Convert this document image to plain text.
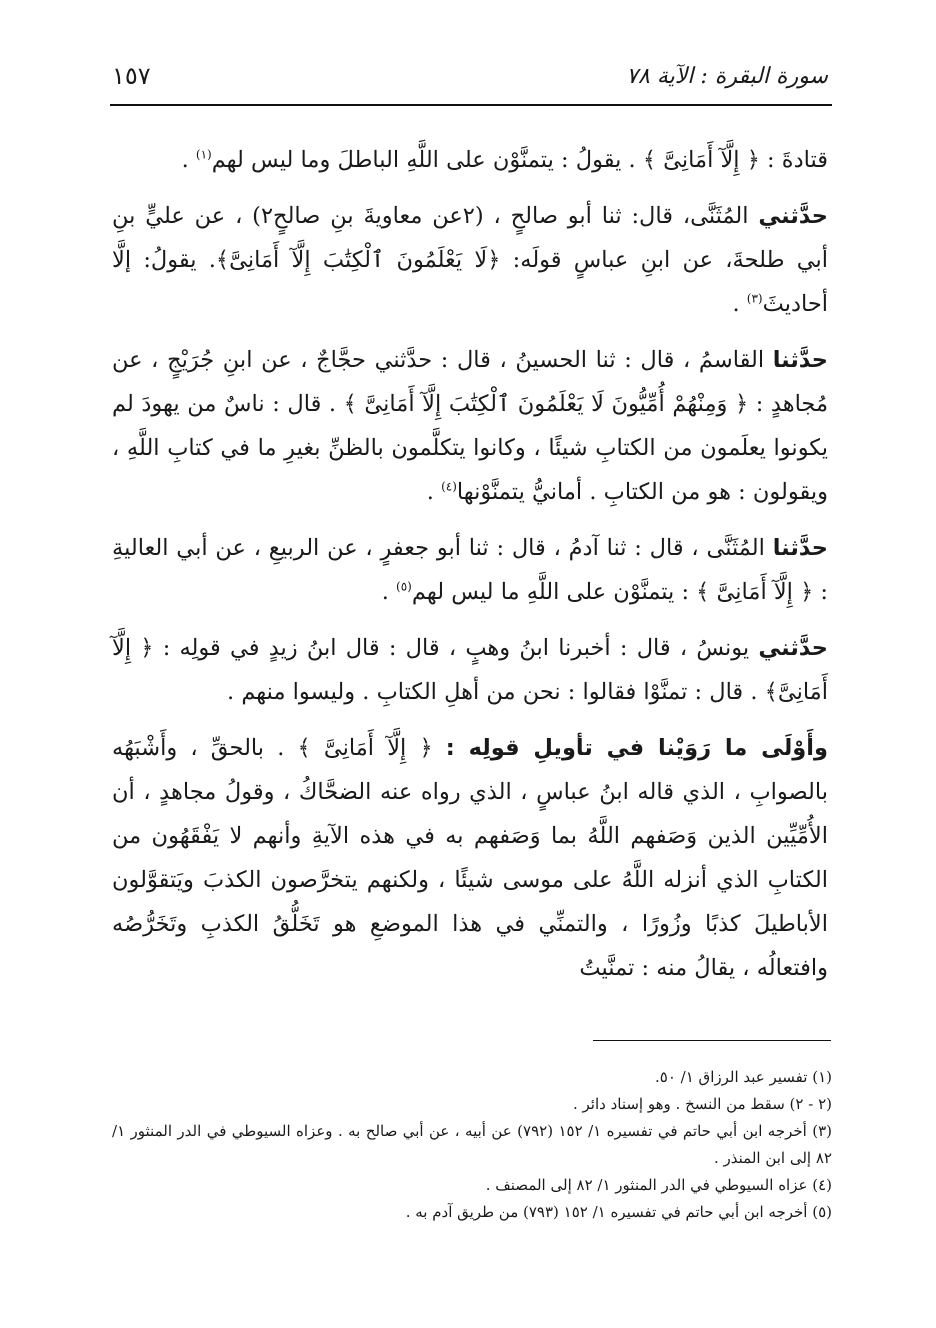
سورة البقرة : الآية ٧٨
١٥٧

قتادةَ : ﴿ إِلَّآ أَمَانِىَّ ﴾ . يقولُ : يتمنَّوْن على اللَّهِ الباطلَ وما ليس لهم$^{(١)}$ .

حدَّثني المُثَنَّى، قال: ثنا أبو صالحٍ ، (٢عن معاويةَ بنِ صالحٍ٢) ، عن عليٍّ بنِ أبي طلحةَ، عن ابنِ عباسٍ قولَه: ﴿لَا يَعْلَمُونَ ٱلْكِتَٰبَ إِلَّآ أَمَانِىَّ﴾. يقولُ: إلَّا أحاديثَ$^{(٣)}$ .

حدَّثنا القاسمُ ، قال : ثنا الحسينُ ، قال : حدَّثني حجَّاجٌ ، عن ابنِ جُرَيْجٍ ، عن مُجاهدٍ : ﴿ وَمِنْهُمْ أُمِّيُّونَ لَا يَعْلَمُونَ ٱلْكِتَٰبَ إِلَّآ أَمَانِىَّ ﴾ . قال : ناسٌ من يهودَ لم يكونوا يعلَمون من الكتابِ شيئًا ، وكانوا يتكلَّمون بالظنِّ بغيرِ ما في كتابِ اللَّهِ ، ويقولون : هو من الكتابِ . أمانيُّ يتمنَّوْنها$^{(٤)}$ .

حدَّثنا المُثَنَّى ، قال : ثنا آدمُ ، قال : ثنا أبو جعفرٍ ، عن الربيعِ ، عن أبي العاليةِ : ﴿ إِلَّآ أَمَانِىَّ ﴾ : يتمنَّوْن على اللَّهِ ما ليس لهم$^{(٥)}$ .

حدَّثني يونسُ ، قال : أخبرنا ابنُ وهبٍ ، قال : قال ابنُ زيدٍ في قولِه : ﴿ إِلَّآ أَمَانِىَّ﴾ . قال : تمنَّوْا فقالوا : نحن من أهلِ الكتابِ . وليسوا منهم .

وأَوْلَى ما رَوَيْنا في تأويلِ قولِه : ﴿ إِلَّآ أَمَانِىَّ ﴾ . بالحقِّ ، وأَشْبَهُه بالصوابِ ، الذي قاله ابنُ عباسٍ ، الذي رواه عنه الضحَّاكُ ، وقولُ مجاهدٍ ، أن الأُمِّيِّين الذين وَصَفهم اللَّهُ بما وَصَفهم به في هذه الآيةِ وأنهم لا يَفْقَهُون من الكتابِ الذي أنزله اللَّهُ على موسى شيئًا ، ولكنهم يتخرَّصون الكذبَ ويَتقوَّلون الأباطيلَ كذبًا وزُورًا ، والتمنِّي في هذا الموضعِ هو تَخَلُّقُ الكذبِ وتَخَرُّصُه وافتعالُه ، يقالُ منه : تمنَّيتُ

(١) تفسير عبد الرزاق ١/ ٥٠.

(٢ - ٢) سقط من النسخ . وهو إسناد دائر .

(٣) أخرجه ابن أبي حاتم في تفسيره ١/ ١٥٢ (٧٩٢) عن أبيه ، عن أبي صالح به . وعزاه السيوطي في الدر المنثور ١/ ٨٢ إلى ابن المنذر .

(٤) عزاه السيوطي في الدر المنثور ١/ ٨٢ إلى المصنف .

(٥) أخرجه ابن أبي حاتم في تفسيره ١/ ١٥٢ (٧٩٣) من طريق آدم به .
